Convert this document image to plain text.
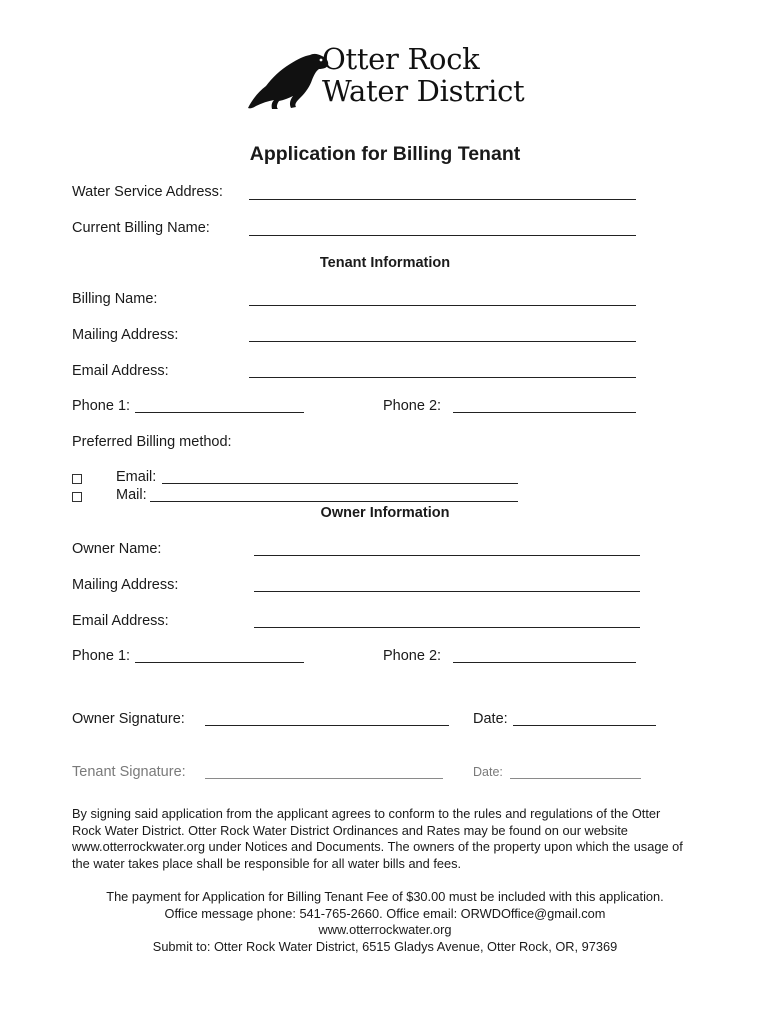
Otter Rock
Water District
Application for Billing Tenant
Water Service Address:
Current Billing Name:
Tenant Information
Billing Name:
Mailing Address:
Email Address:
Phone 1:	Phone 2:
Preferred Billing method:
Email:
Mail:
Owner Information
Owner Name:
Mailing Address:
Email Address:
Phone 1:	Phone 2:
Owner Signature:	Date:
Tenant Signature:	Date:
By signing said application from the applicant agrees to conform to the rules and regulations of the Otter Rock Water District. Otter Rock Water District Ordinances and Rates may be found on our website www.otterrockwater.org under Notices and Documents. The owners of the property upon which the usage of the water takes place shall be responsible for all water bills and fees.
The payment for Application for Billing Tenant Fee of $30.00 must be included with this application.
Office message phone: 541-765-2660. Office email: ORWDOffice@gmail.com
www.otterrockwater.org
Submit to: Otter Rock Water District, 6515 Gladys Avenue, Otter Rock, OR, 97369
